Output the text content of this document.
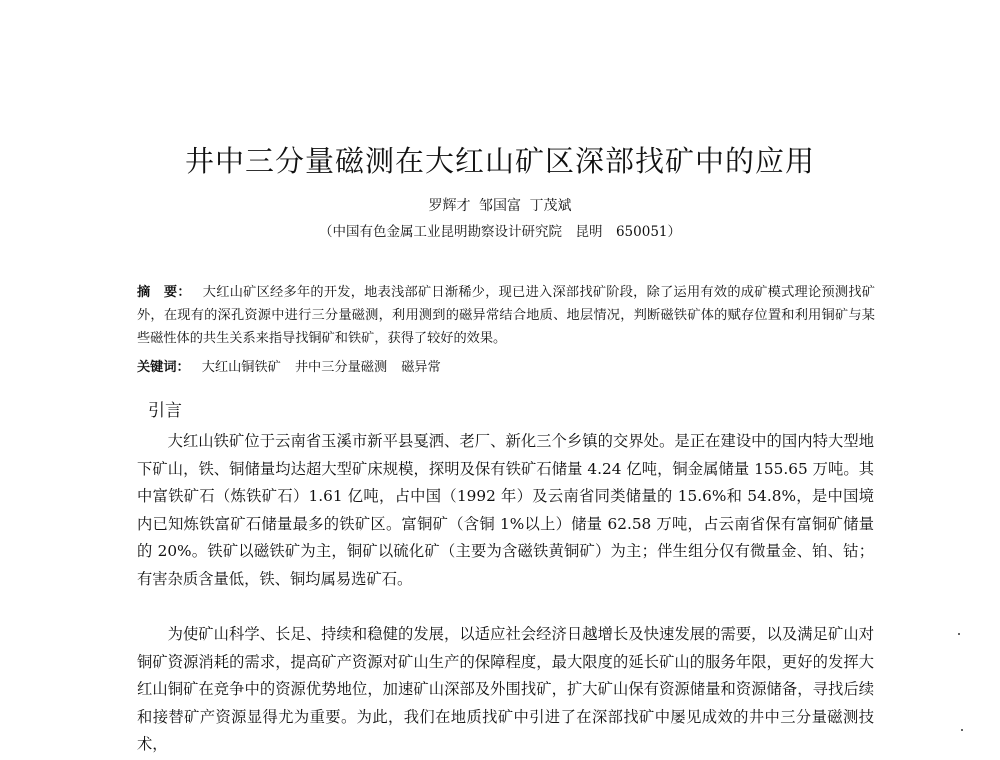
井中三分量磁测在大红山矿区深部找矿中的应用
罗辉才 邹国富 丁茂斌
（中国有色金属工业昆明勘察设计研究院　昆明　650051）

摘　要： 大红山矿区经多年的开发，地表浅部矿日渐稀少，现已进入深部找矿阶段，除了运用有效的成矿模式理论预测找矿外，在现有的深孔资源中进行三分量磁测，利用测到的磁异常结合地质、地层情况，判断磁铁矿体的赋存位置和利用铜矿与某些磁性体的共生关系来指导找铜矿和铁矿，获得了较好的效果。

关键词： 大红山铜铁矿 井中三分量磁测 磁异常

引言

大红山铁矿位于云南省玉溪市新平县戛洒、老厂、新化三个乡镇的交界处。是正在建设中的国内特大型地下矿山，铁、铜储量均达超大型矿床规模，探明及保有铁矿石储量 4.24 亿吨，铜金属储量 155.65 万吨。其中富铁矿石（炼铁矿石）1.61 亿吨，占中国（1992 年）及云南省同类储量的 15.6%和 54.8%，是中国境内已知炼铁富矿石储量最多的铁矿区。富铜矿（含铜 1%以上）储量 62.58 万吨，占云南省保有富铜矿储量的 20%。铁矿以磁铁矿为主，铜矿以硫化矿（主要为含磁铁黄铜矿）为主；伴生组分仅有微量金、铂、钴；有害杂质含量低，铁、铜均属易选矿石。

为使矿山科学、长足、持续和稳健的发展，以适应社会经济日越增长及快速发展的需要，以及满足矿山对铜矿资源消耗的需求，提高矿产资源对矿山生产的保障程度，最大限度的延长矿山的服务年限，更好的发挥大红山铜矿在竞争中的资源优势地位，加速矿山深部及外围找矿，扩大矿山保有资源储量和资源储备，寻找后续和接替矿产资源显得尤为重要。为此，我们在地质找矿中引进了在深部找矿中屡见成效的井中三分量磁测技术，
